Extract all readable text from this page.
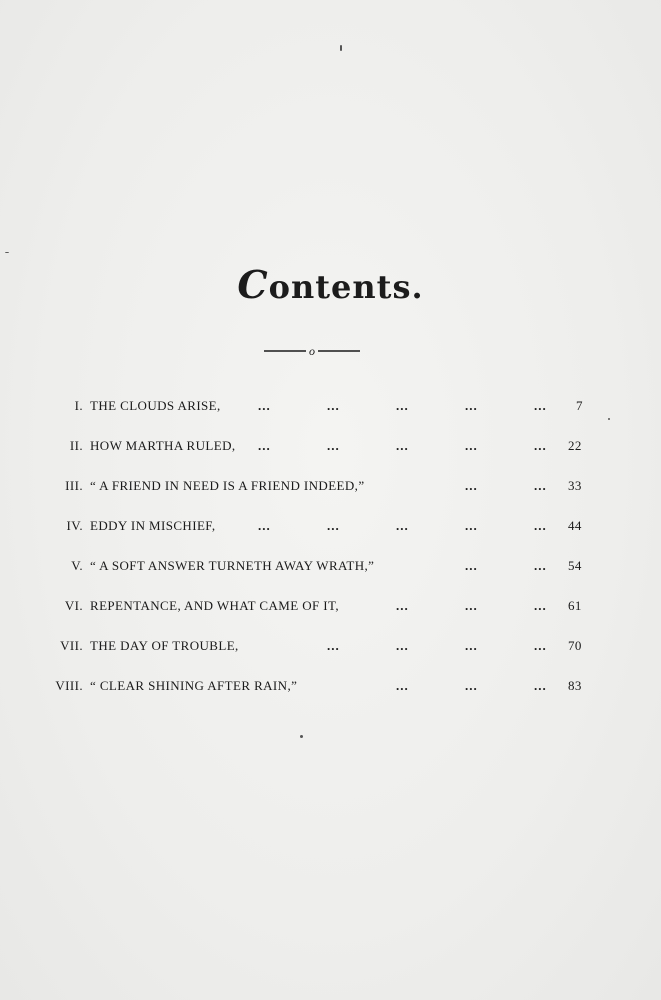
Contents.
o
I. THE CLOUDS ARISE,	...	...	...	...	... 7
II. HOW MARTHA RULED, ...	...	...	...	... 22
III. “ A FRIEND IN NEED IS A FRIEND INDEED,”	...	... 33
IV. EDDY IN MISCHIEF,	...	...	...	...	... 44
V. “ A SOFT ANSWER TURNETH AWAY WRATH,”	...	... 54
VI. REPENTANCE, AND WHAT CAME OF IT,	...	...	... 61
VII. THE DAY OF TROUBLE,	...	...	...	... 70
VIII. “ CLEAR SHINING AFTER RAIN,”	...	...	... 83
